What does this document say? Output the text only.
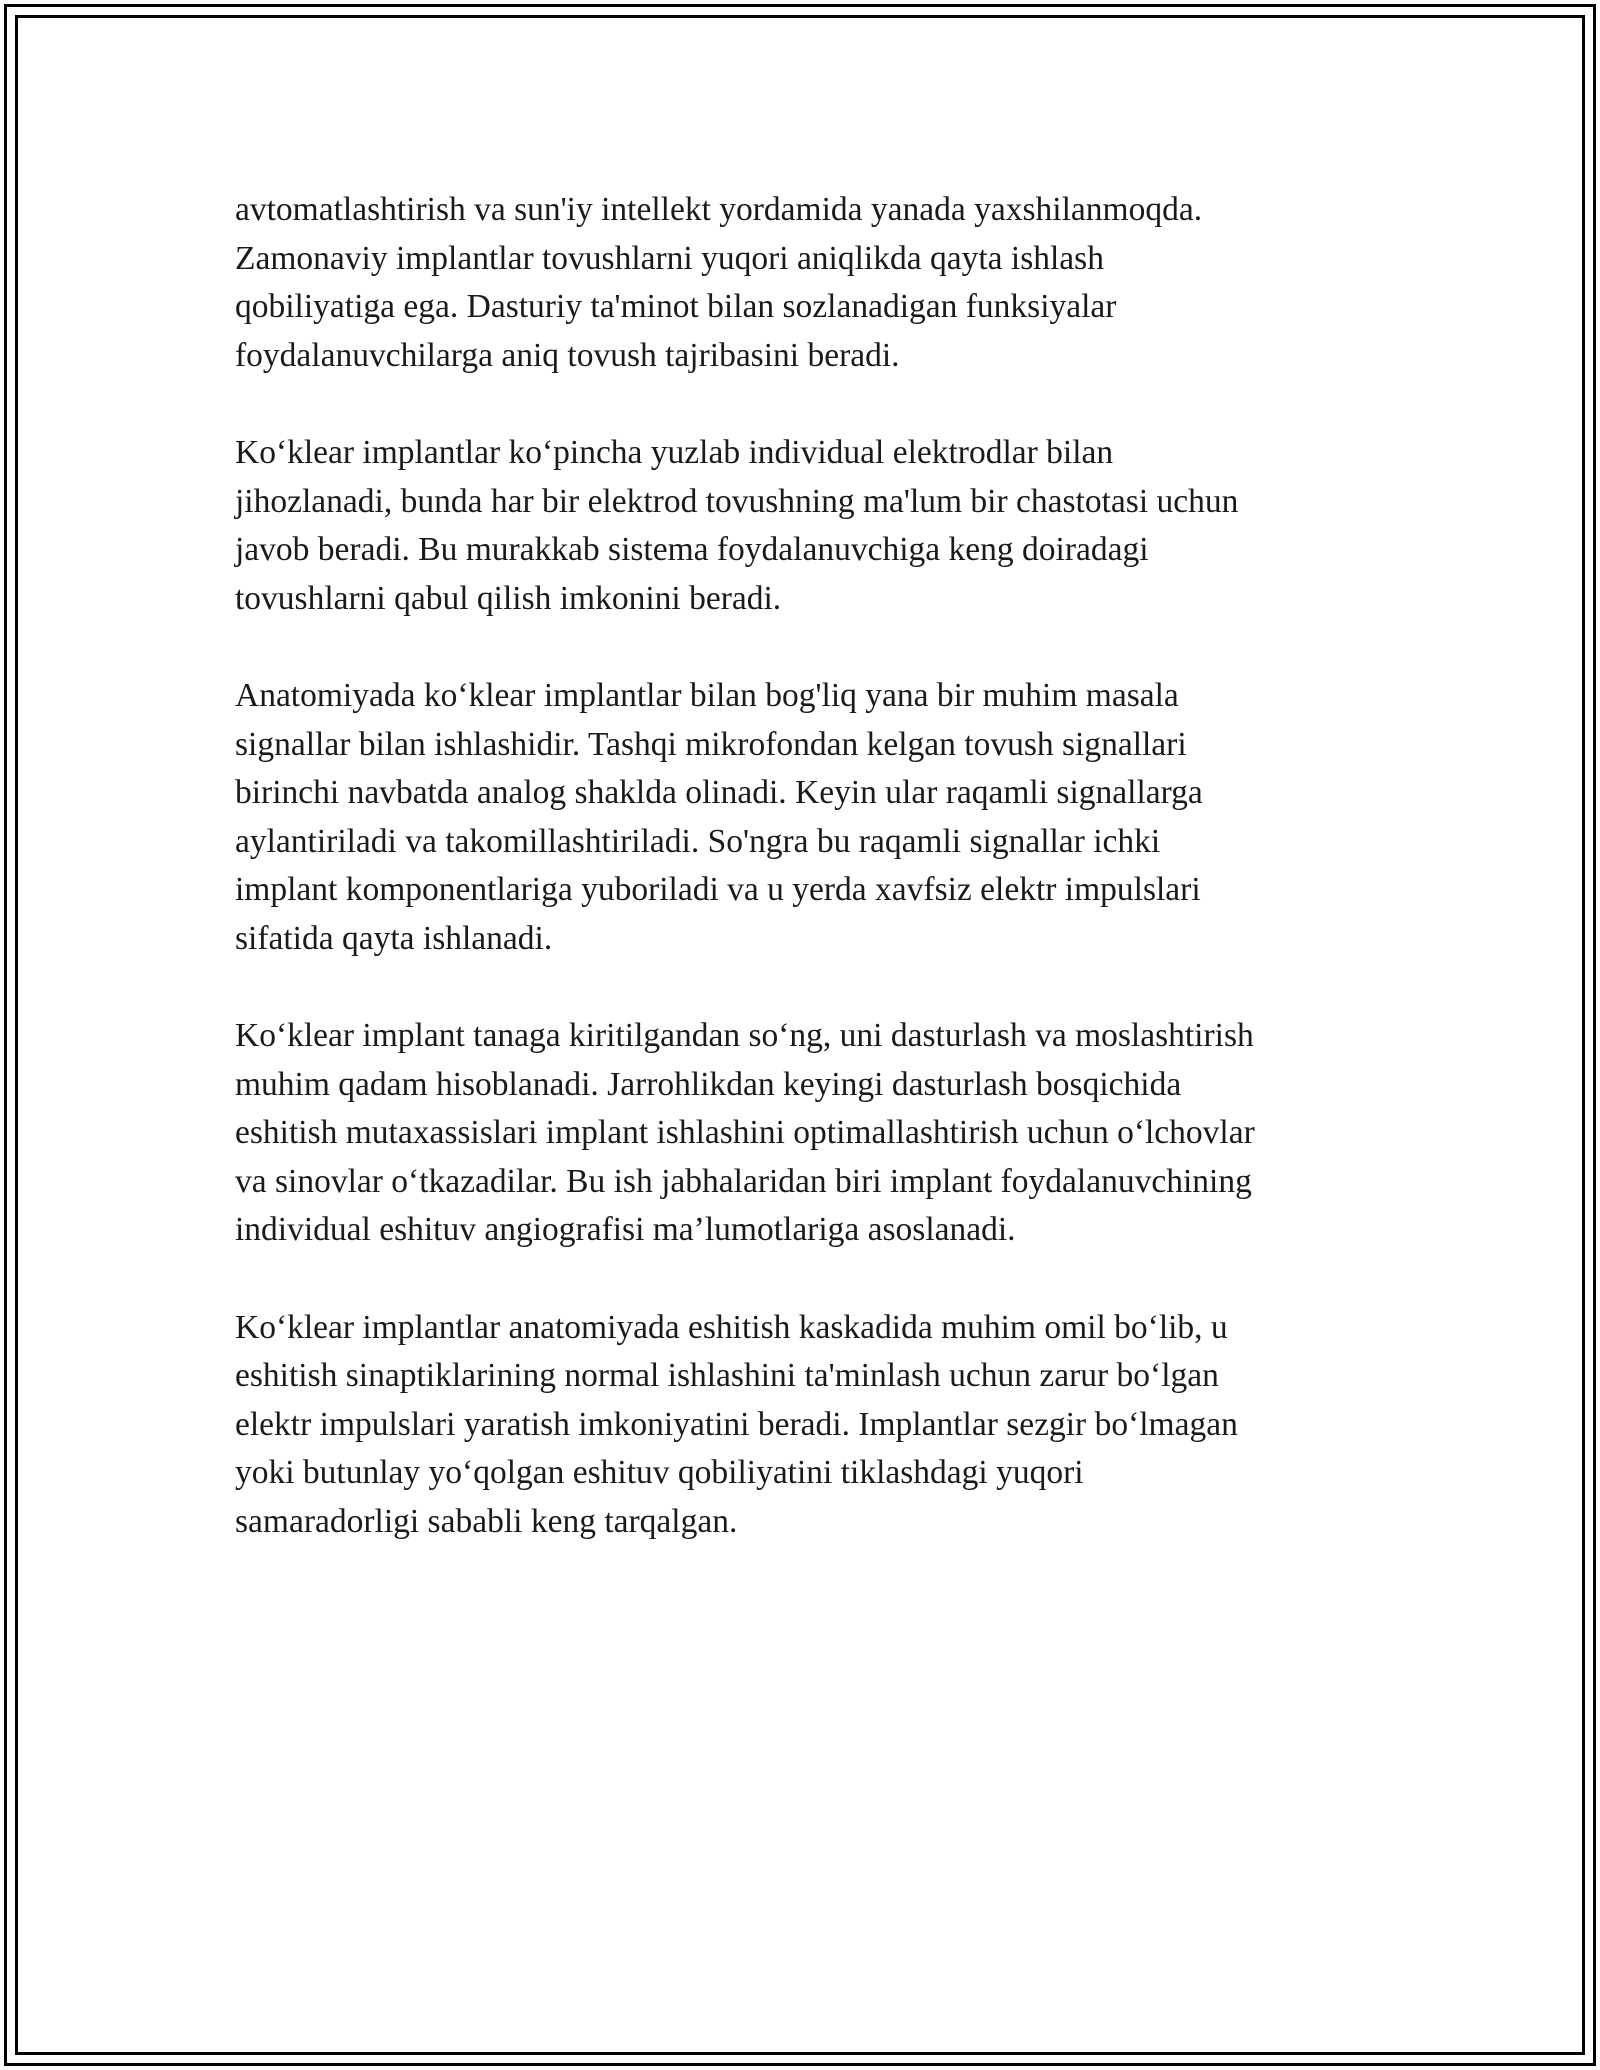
avtomatlashtirish va sun'iy intellekt yordamida yanada yaxshilanmoqda.
Zamonaviy implantlar tovushlarni yuqori aniqlikda qayta ishlash
qobiliyatiga ega. Dasturiy ta'minot bilan sozlanadigan funksiyalar
foydalanuvchilarga aniq tovush tajribasini beradi.

Ko‘klear implantlar ko‘pincha yuzlab individual elektrodlar bilan
jihozlanadi, bunda har bir elektrod tovushning ma'lum bir chastotasi uchun
javob beradi. Bu murakkab sistema foydalanuvchiga keng doiradagi
tovushlarni qabul qilish imkonini beradi.

Anatomiyada ko‘klear implantlar bilan bog'liq yana bir muhim masala
signallar bilan ishlashidir. Tashqi mikrofondan kelgan tovush signallari
birinchi navbatda analog shaklda olinadi. Keyin ular raqamli signallarga
aylantiriladi va takomillashtiriladi. So'ngra bu raqamli signallar ichki
implant komponentlariga yuboriladi va u yerda xavfsiz elektr impulslari
sifatida qayta ishlanadi.

Ko‘klear implant tanaga kiritilgandan so‘ng, uni dasturlash va moslashtirish
muhim qadam hisoblanadi. Jarrohlikdan keyingi dasturlash bosqichida
eshitish mutaxassislari implant ishlashini optimallashtirish uchun o‘lchovlar
va sinovlar o‘tkazadilar. Bu ish jabhalaridan biri implant foydalanuvchining
individual eshituv angiografisi ma’lumotlariga asoslanadi.

Ko‘klear implantlar anatomiyada eshitish kaskadida muhim omil bo‘lib, u
eshitish sinaptiklarining normal ishlashini ta'minlash uchun zarur bo‘lgan
elektr impulslari yaratish imkoniyatini beradi. Implantlar sezgir bo‘lmagan
yoki butunlay yo‘qolgan eshituv qobiliyatini tiklashdagi yuqori
samaradorligi sababli keng tarqalgan.
